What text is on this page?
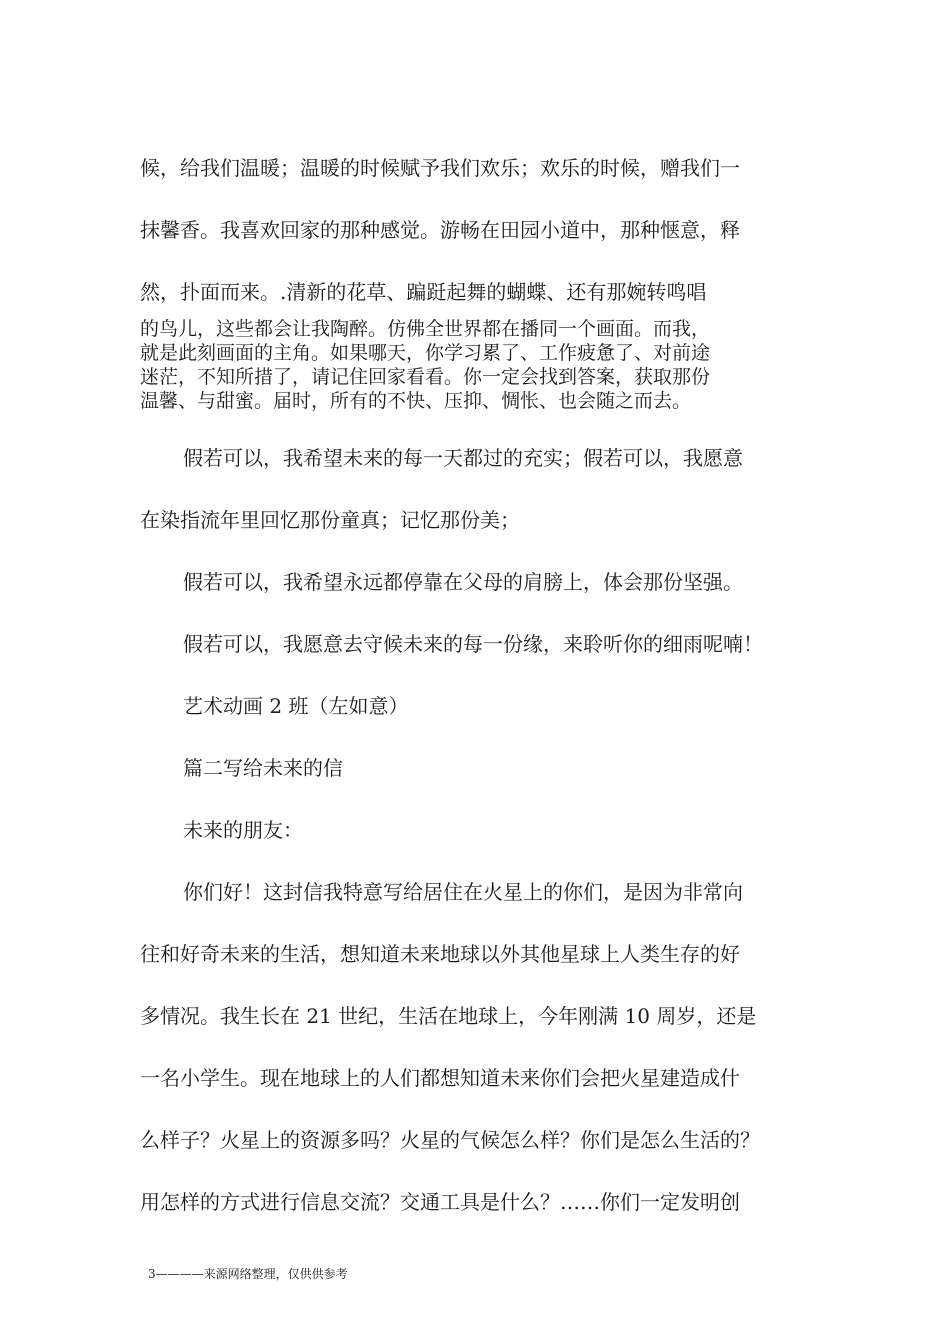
候，给我们温暖；温暖的时候赋予我们欢乐；欢乐的时候，赠我们一
抹馨香。我喜欢回家的那种感觉。游畅在田园小道中，那种惬意，释
然，扑面而来。.清新的花草、蹁跹起舞的蝴蝶、还有那婉转鸣唱
的鸟儿，这些都会让我陶醉。仿佛全世界都在播同一个画面。而我，
就是此刻画面的主角。如果哪天，你学习累了、工作疲惫了、对前途
迷茫，不知所措了，请记住回家看看。你一定会找到答案，获取那份
温馨、与甜蜜。届时，所有的不快、压抑、惆怅、也会随之而去。
假若可以，我希望未来的每一天都过的充实；假若可以，我愿意
在染指流年里回忆那份童真；记忆那份美；
假若可以，我希望永远都停靠在父母的肩膀上，体会那份坚强。
假若可以，我愿意去守候未来的每一份缘，来聆听你的细雨呢喃！
艺术动画 2 班（左如意）
篇二写给未来的信
未来的朋友：
你们好！这封信我特意写给居住在火星上的你们，是因为非常向
往和好奇未来的生活，想知道未来地球以外其他星球上人类生存的好
多情况。我生长在 21 世纪，生活在地球上，今年刚满 10 周岁，还是
一名小学生。现在地球上的人们都想知道未来你们会把火星建造成什
么样子？火星上的资源多吗？火星的气候怎么样？你们是怎么生活的？
用怎样的方式进行信息交流？交通工具是什么？……你们一定发明创
3————来源网络整理，仅供供参考
